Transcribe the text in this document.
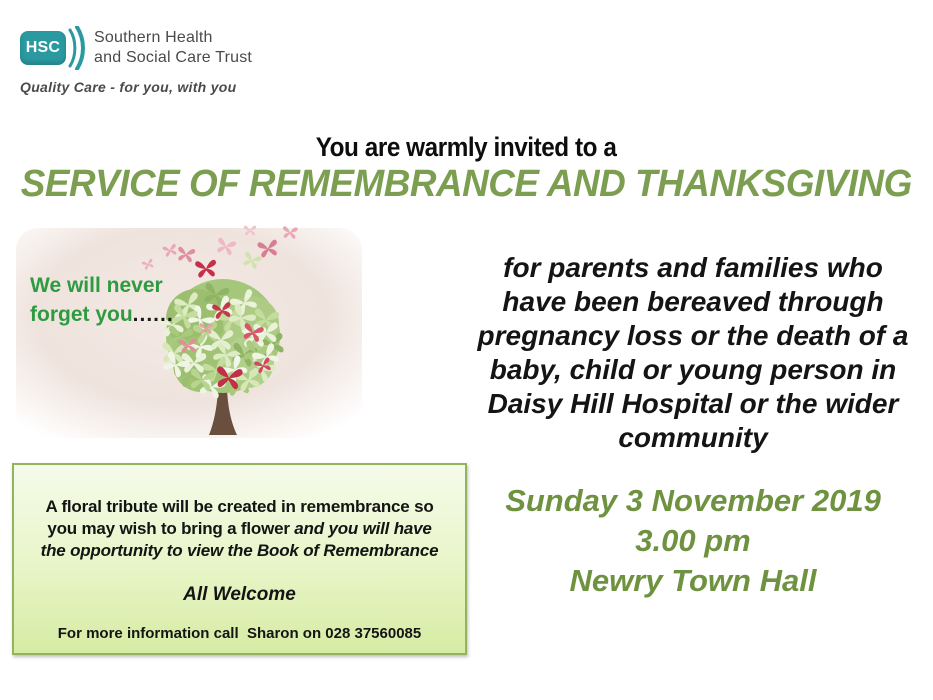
HSC
Southern Health
and Social Care Trust
Quality Care - for you, with you
You are warmly invited to a
SERVICE OF REMEMBRANCE AND THANKSGIVING
We will never forget you......
for parents and families who
have been bereaved through
pregnancy loss or the death of a
baby, child or young person in
Daisy Hill Hospital or the wider
community
Sunday 3 November 2019
3.00 pm
Newry Town Hall
A floral tribute will be created in remembrance so
you may wish to bring a flower and you will have
the opportunity to view the Book of Remembrance
All Welcome
For more information call  Sharon on 028 37560085
